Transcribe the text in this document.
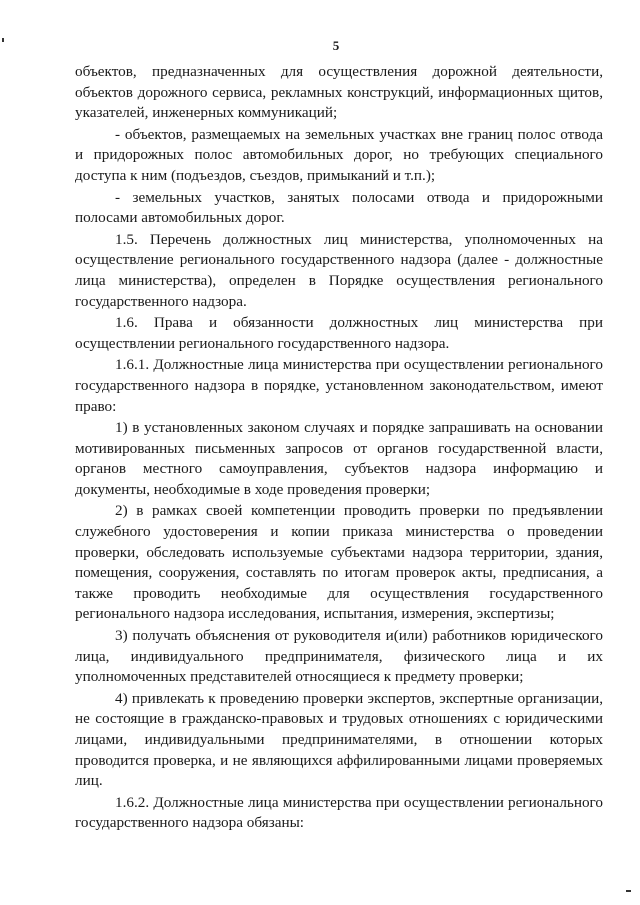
5

объектов, предназначенных для осуществления дорожной деятельности, объектов дорожного сервиса, рекламных конструкций, информационных щитов, указателей, инженерных коммуникаций;

- объектов, размещаемых на земельных участках вне границ полос отвода и придорожных полос автомобильных дорог, но требующих специального доступа к ним (подъездов, съездов, примыканий и т.п.);

- земельных участков, занятых полосами отвода и придорожными полосами автомобильных дорог.

1.5. Перечень должностных лиц министерства, уполномоченных на осуществление регионального государственного надзора (далее - должностные лица министерства), определен в Порядке осуществления регионального государственного надзора.

1.6. Права и обязанности должностных лиц министерства при осуществлении регионального государственного надзора.

1.6.1. Должностные лица министерства при осуществлении регионального государственного надзора в порядке, установленном законодательством, имеют право:

1) в установленных законом случаях и порядке запрашивать на основании мотивированных письменных запросов от органов государственной власти, органов местного самоуправления, субъектов надзора информацию и документы, необходимые в ходе проведения проверки;

2) в рамках своей компетенции проводить проверки по предъявлении служебного удостоверения и копии приказа министерства о проведении проверки, обследовать используемые субъектами надзора территории, здания, помещения, сооружения, составлять по итогам проверок акты, предписания, а также проводить необходимые для осуществления государственного регионального надзора исследования, испытания, измерения, экспертизы;

3) получать объяснения от руководителя и(или) работников юридического лица, индивидуального предпринимателя, физического лица и их уполномоченных представителей относящиеся к предмету проверки;

4) привлекать к проведению проверки экспертов, экспертные организации, не состоящие в гражданско-правовых и трудовых отношениях с юридическими лицами, индивидуальными предпринимателями, в отношении которых проводится проверка, и не являющихся аффилированными лицами проверяемых лиц.

1.6.2. Должностные лица министерства при осуществлении регионального государственного надзора обязаны:
